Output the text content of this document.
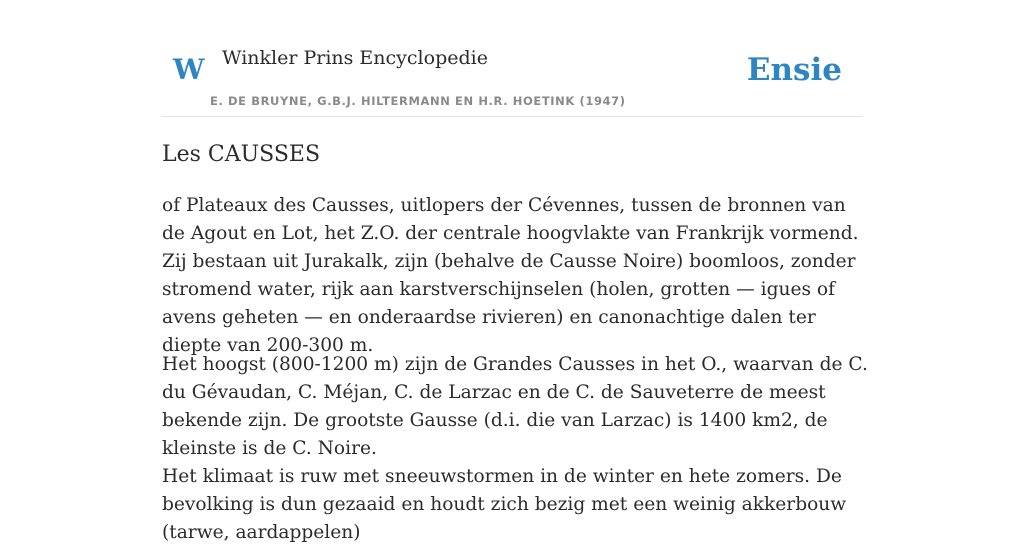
W Winkler Prins Encyclopedie
E. DE BRUYNE, G.B.J. HILTERMANN EN H.R. HOETINK (1947)
Ensie
Les CAUSSES

of Plateaux des Causses, uitlopers der Cévennes, tussen de bronnen van de Agout en Lot, het Z.O. der centrale hoogvlakte van Frankrijk vormend. Zij bestaan uit Jurakalk, zijn (behalve de Causse Noire) boomloos, zonder stromend water, rijk aan karstverschijnselen (holen, grotten — igues of avens geheten — en onderaardse rivieren) en canonachtige dalen ter diepte van 200-300 m.

Het hoogst (800-1200 m) zijn de Grandes Causses in het O., waarvan de C. du Gévaudan, C. Méjan, C. de Larzac en de C. de Sauveterre de meest bekende zijn. De grootste Gausse (d.i. die van Larzac) is 1400 km2, de kleinste is de C. Noire.

Het klimaat is ruw met sneeuwstormen in de winter en hete zomers. De bevolking is dun gezaaid en houdt zich bezig met een weinig akkerbouw (tarwe, aardappelen)
